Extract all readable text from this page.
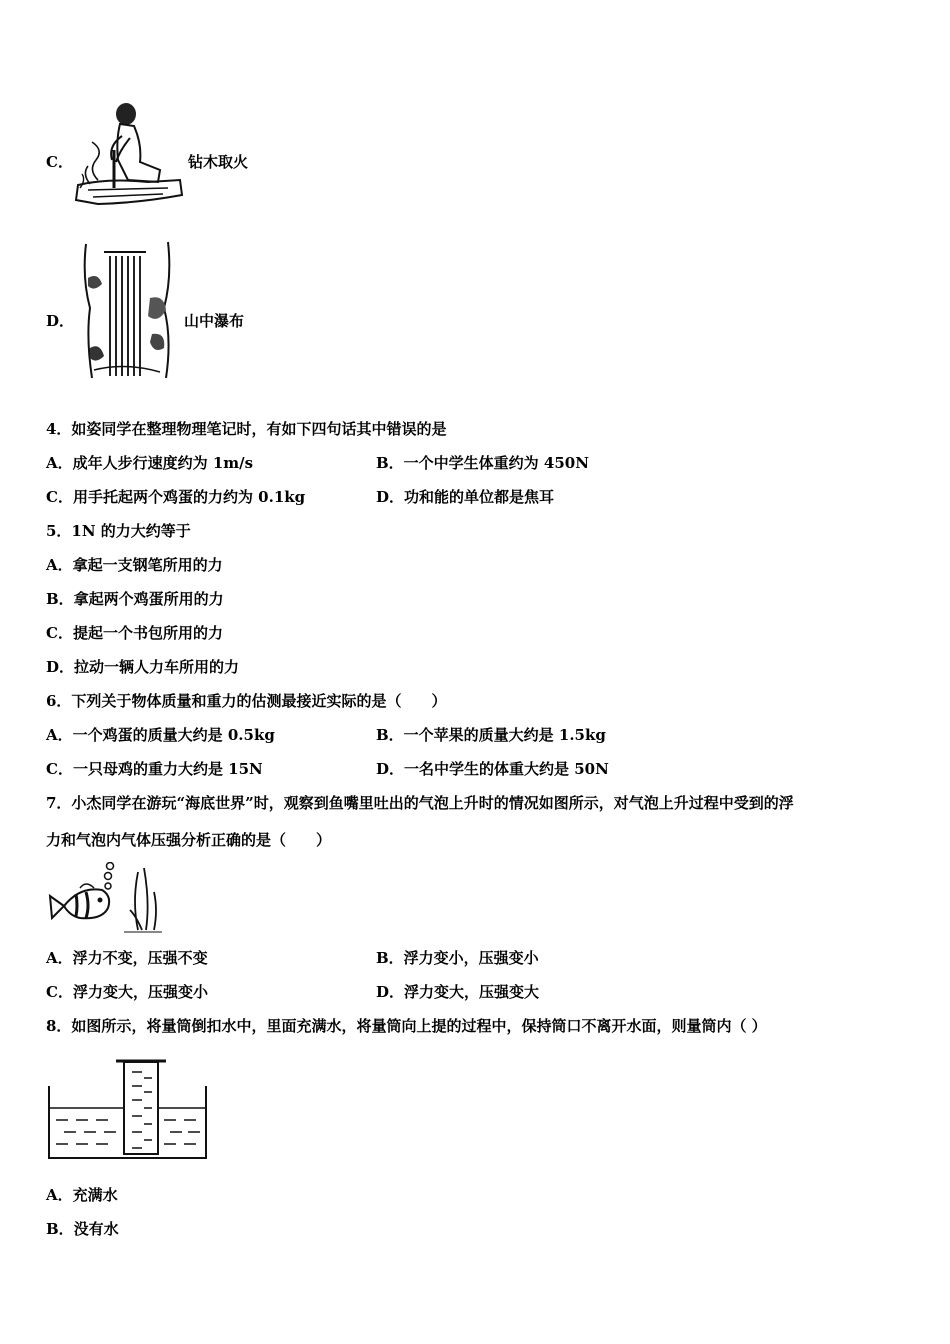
C．	钻木取火
D．	山中瀑布
4．如姿同学在整理物理笔记时，有如下四句话其中错误的是
A．成年人步行速度约为 1m/s	B．一个中学生体重约为 450N
C．用手托起两个鸡蛋的力约为 0.1kg	D．功和能的单位都是焦耳
5．1N 的力大约等于
A．拿起一支钢笔所用的力
B．拿起两个鸡蛋所用的力
C．提起一个书包所用的力
D．拉动一辆人力车所用的力
6．下列关于物体质量和重力的估测最接近实际的是（　　）
A．一个鸡蛋的质量大约是 0.5kg	B．一个苹果的质量大约是 1.5kg
C．一只母鸡的重力大约是 15N	D．一名中学生的体重大约是 50N
7．小杰同学在游玩“海底世界”时，观察到鱼嘴里吐出的气泡上升时的情况如图所示，对气泡上升过程中受到的浮
力和气泡内气体压强分析正确的是（　　）
A．浮力不变，压强不变	B．浮力变小，压强变小
C．浮力变大，压强变小	D．浮力变大，压强变大
8．如图所示，将量筒倒扣水中，里面充满水，将量筒向上提的过程中，保持筒口不离开水面，则量筒内（ ）
A．充满水
B．没有水
